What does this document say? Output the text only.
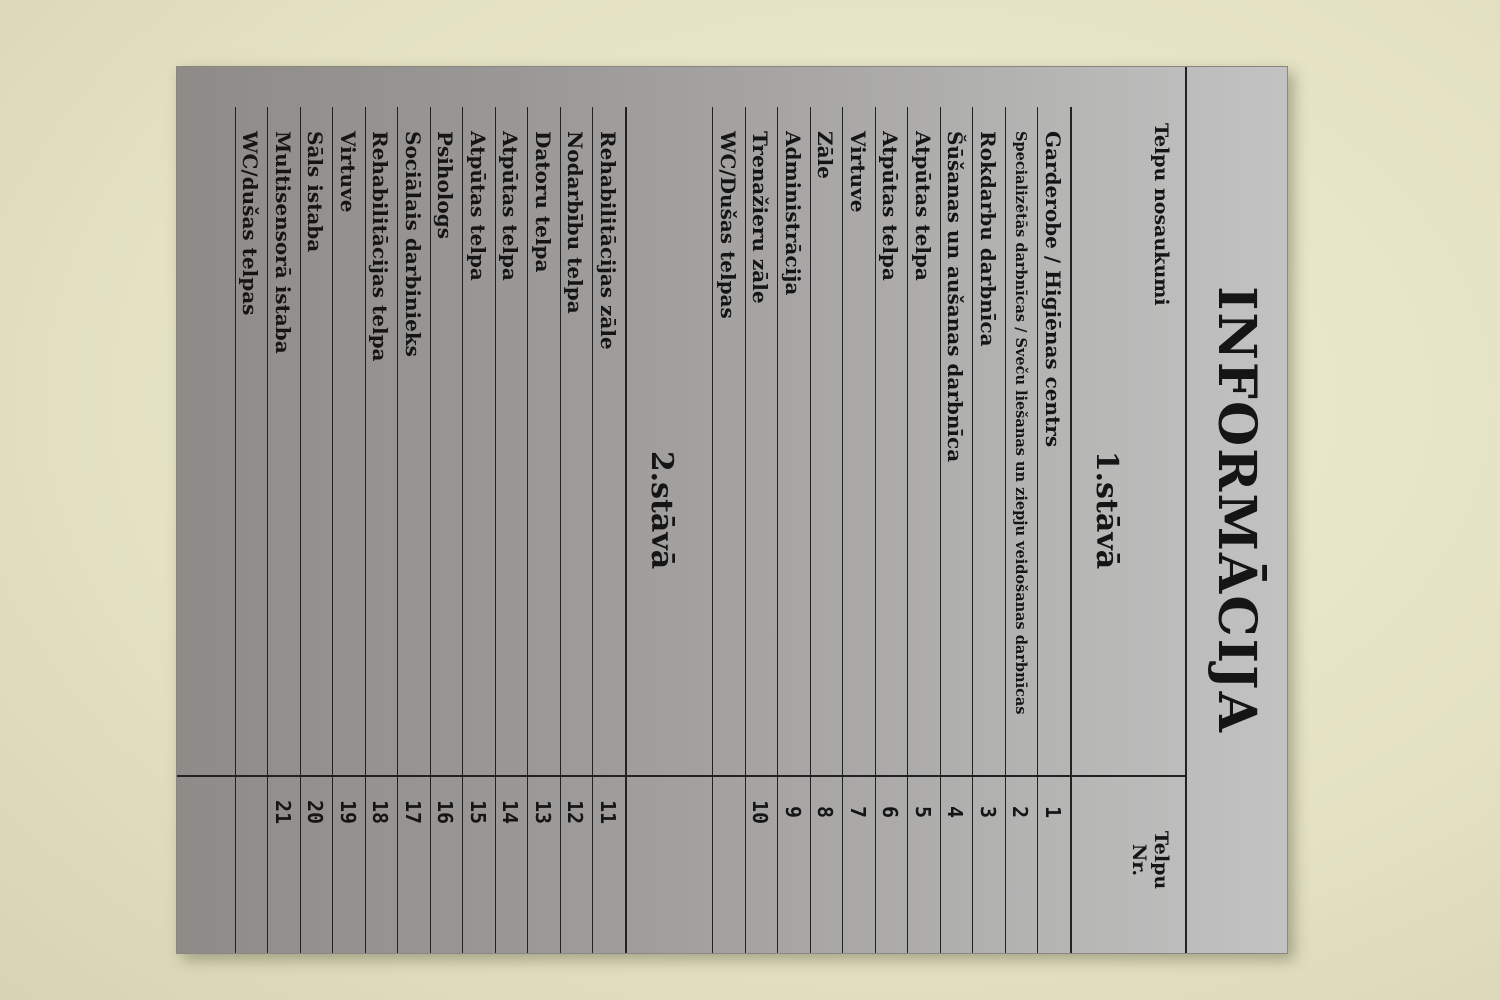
INFORMĀCIJA
Telpu nosaukumi
Telpu Nr.
1.stāvā
Garderobe / Higiēnas centrs
1
Specializētās darbnīcas / Sveču liešanas un ziepju veidošanas darbnīcas
2
Rokdarbu darbnīca
3
Šūšanas un aušanas darbnīca
4
Atpūtas telpa
5
Atpūtas telpa
6
Virtuve
7
Zāle
8
Administrācija
9
Trenažieru zāle
10
WC/Dušas telpas
2.stāvā
Rehabilitācijas zāle
11
Nodarbību telpa
12
Datoru telpa
13
Atpūtas telpa
14
Atpūtas telpa
15
Psihologs
16
Sociālais darbinieks
17
Rehabilitācijas telpa
18
Virtuve
19
Sāls istaba
20
Multisensorā istaba
21
WC/dušas telpas
